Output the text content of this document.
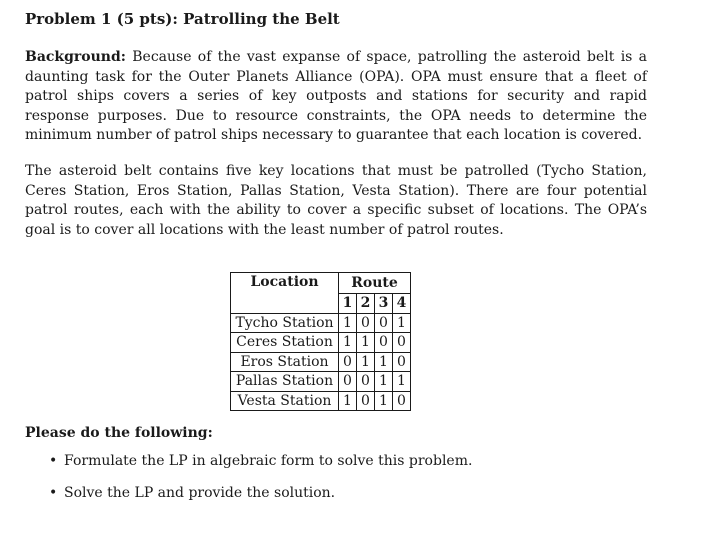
Problem 1 (5 pts): Patrolling the Belt

Background: Because of the vast expanse of space, patrolling the asteroid belt is a daunting task for the Outer Planets Alliance (OPA). OPA must ensure that a fleet of patrol ships covers a series of key outposts and stations for security and rapid response purposes. Due to resource constraints, the OPA needs to determine the minimum number of patrol ships necessary to guarantee that each location is covered.

The asteroid belt contains five key locations that must be patrolled (Tycho Station, Ceres Station, Eros Station, Pallas Station, Vesta Station). There are four potential patrol routes, each with the ability to cover a specific subset of locations. The OPA’s goal is to cover all locations with the least number of patrol routes.

Location	Route			
	1	2	3	4
Tycho Station	1	0	0	1
Ceres Station	1	1	0	0
Eros Station	0	1	1	0
Pallas Station	0	0	1	1
Vesta Station	1	0	1	0
Please do the following:
• Formulate the LP in algebraic form to solve this problem.
• Solve the LP and provide the solution.
